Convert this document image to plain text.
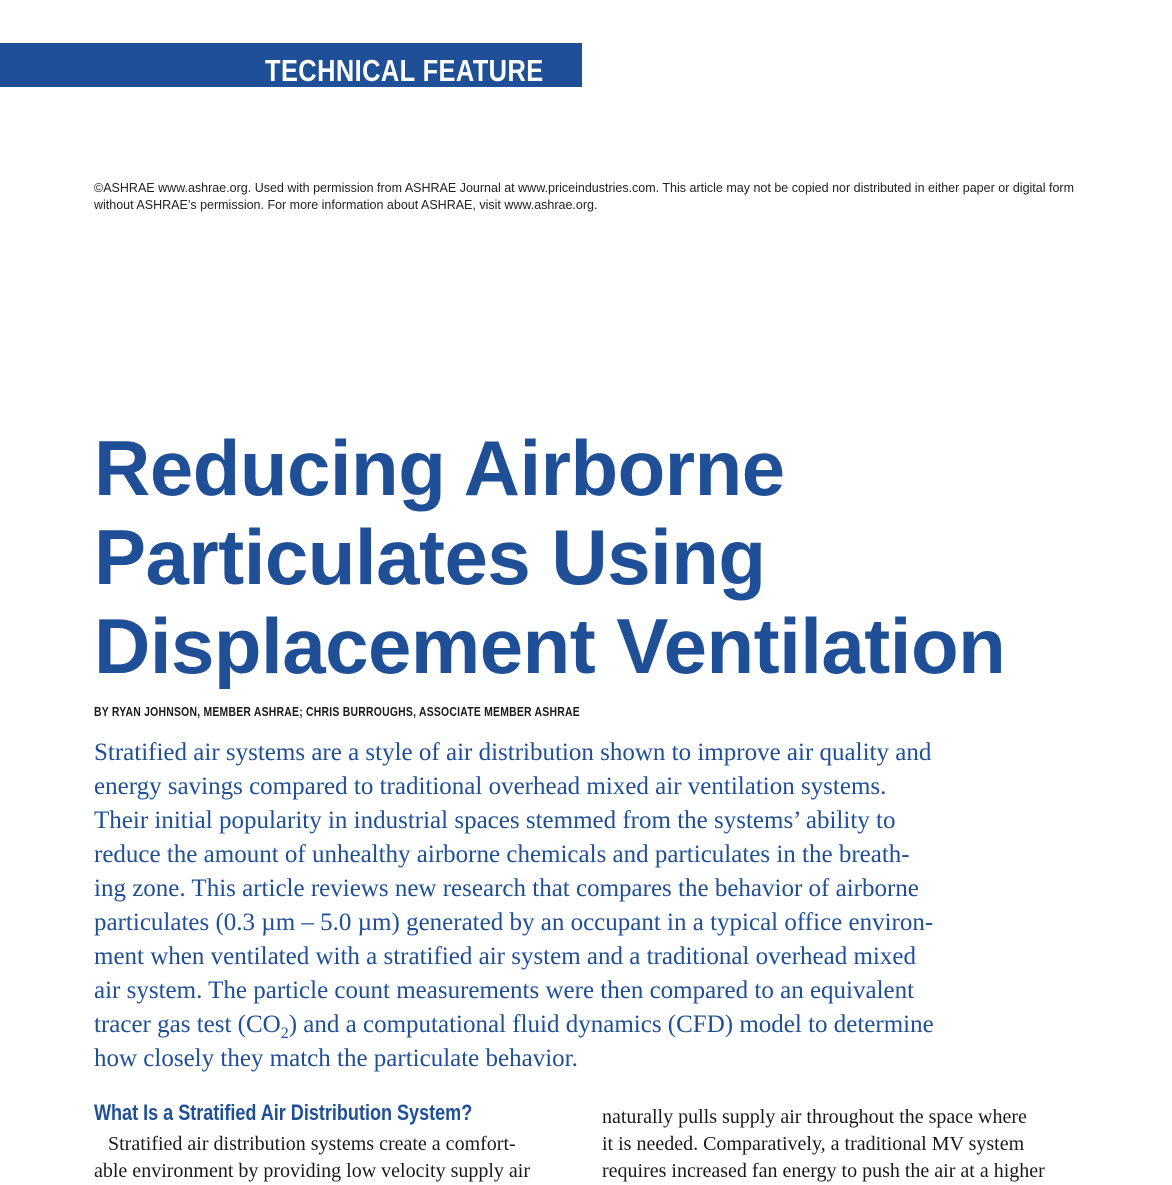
TECHNICAL FEATURE
©ASHRAE www.ashrae.org. Used with permission from ASHRAE Journal at www.priceindustries.com. This article may not be copied nor distributed in either paper or digital form without ASHRAE’s permission. For more information about ASHRAE, visit www.ashrae.org.
Reducing Airborne
Particulates Using
Displacement Ventilation
BY RYAN JOHNSON, MEMBER ASHRAE; CHRIS BURROUGHS, ASSOCIATE MEMBER ASHRAE
Stratified air systems are a style of air distribution shown to improve air quality and
energy savings compared to traditional overhead mixed air ventilation systems.
Their initial popularity in industrial spaces stemmed from the systems’ ability to
reduce the amount of unhealthy airborne chemicals and particulates in the breath-
ing zone. This article reviews new research that compares the behavior of airborne
particulates (0.3 µm – 5.0 µm) generated by an occupant in a typical office environ-
ment when ventilated with a stratified air system and a traditional overhead mixed
air system. The particle count measurements were then compared to an equivalent
tracer gas test $(CO_2)$ and a computational fluid dynamics (CFD) model to determine
how closely they match the particulate behavior.
What Is a Stratified Air Distribution System?
Stratified air distribution systems create a comfort-
able environment by providing low velocity supply air
naturally pulls supply air throughout the space where
it is needed. Comparatively, a traditional MV system
requires increased fan energy to push the air at a higher
